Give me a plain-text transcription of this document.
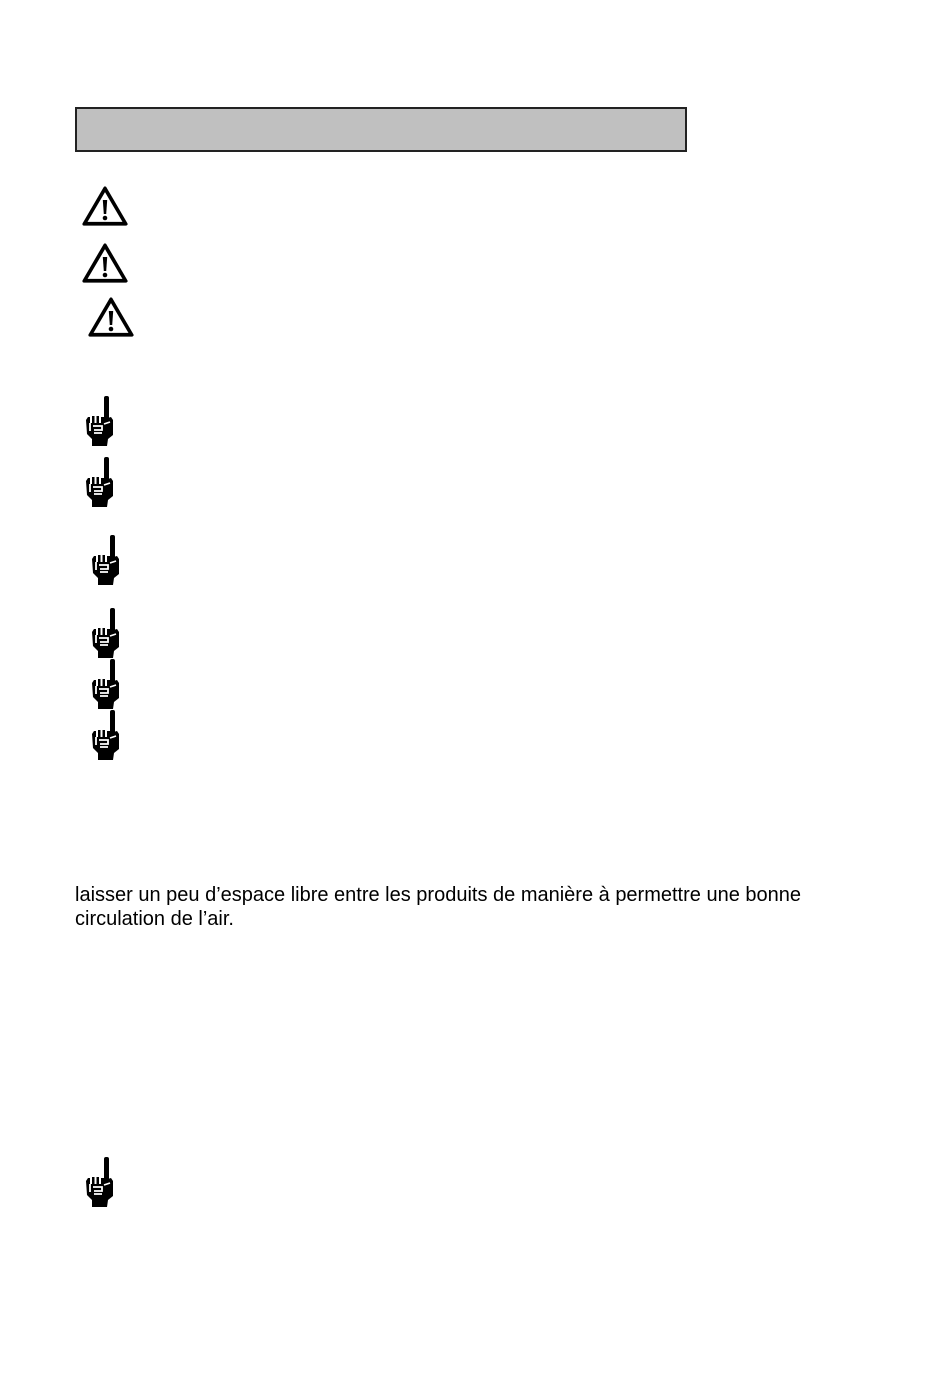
laisser un peu d’espace libre entre les produits de manière à permettre une bonne circulation de l’air.
